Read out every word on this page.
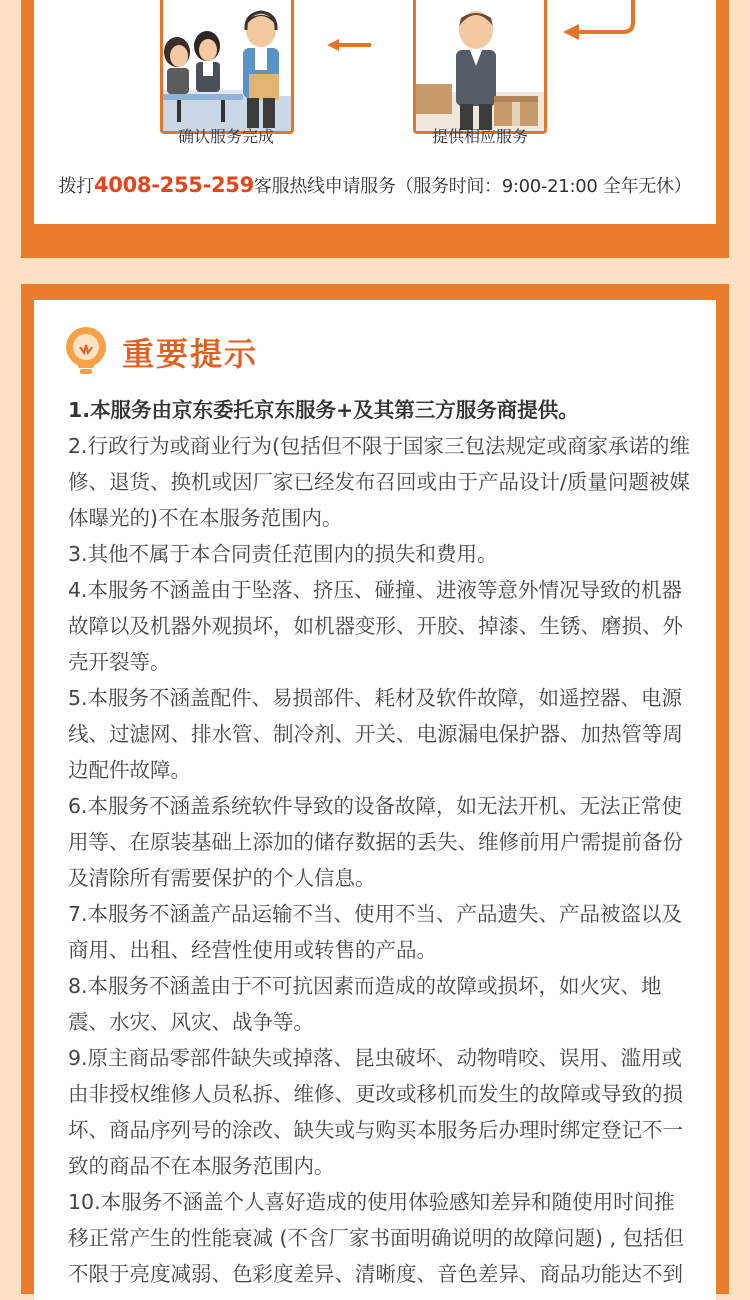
确认服务完成	提供相应服务
拨打4008-255-259客服热线申请服务（服务时间：9:00-21:00 全年无休）
重要提示

1.本服务由京东委托京东服务+及其第三方服务商提供。

2.行政行为或商业行为(包括但不限于国家三包法规定或商家承诺的维修、退货、换机或因厂家已经发布召回或由于产品设计/质量问题被媒体曝光的)不在本服务范围内。

3.其他不属于本合同责任范围内的损失和费用。

4.本服务不涵盖由于坠落、挤压、碰撞、进液等意外情况导致的机器故障以及机器外观损坏，如机器变形、开胶、掉漆、生锈、磨损、外壳开裂等。

5.本服务不涵盖配件、易损部件、耗材及软件故障，如遥控器、电源线、过滤网、排水管、制冷剂、开关、电源漏电保护器、加热管等周边配件故障。

6.本服务不涵盖系统软件导致的设备故障，如无法开机、无法正常使用等、在原装基础上添加的储存数据的丢失、维修前用户需提前备份及清除所有需要保护的个人信息。

7.本服务不涵盖产品运输不当、使用不当、产品遗失、产品被盗以及商用、出租、经营性使用或转售的产品。

8.本服务不涵盖由于不可抗因素而造成的故障或损坏，如火灾、地震、水灾、风灾、战争等。

9.原主商品零部件缺失或掉落、昆虫破坏、动物啃咬、误用、滥用或由非授权维修人员私拆、维修、更改或移机而发生的故障或导致的损坏、商品序列号的涂改、缺失或与购买本服务后办理时绑定登记不一致的商品不在本服务范围内。

10.本服务不涵盖个人喜好造成的使用体验感知差异和随使用时间推移正常产生的性能衰减 (不含厂家书面明确说明的故障问题) , 包括但不限于亮度减弱、色彩度差异、清晰度、音色差异、商品功能达不到
